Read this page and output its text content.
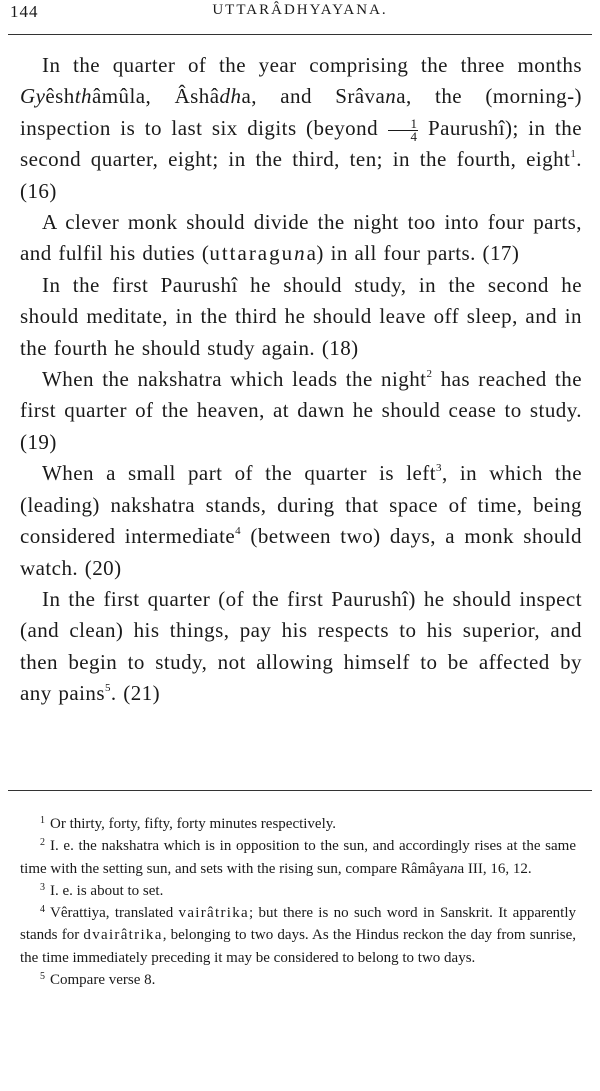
144	UTTARÂDHYAYANA.

In the quarter of the year comprising the three months Gyêshthâmûla, Âshâdha, and Srâvana, the (morning-) inspection is to last six digits (beyond $\frac{1}{4}$ Paurushî); in the second quarter, eight; in the third, ten; in the fourth, eight$^1$. (16)

A clever monk should divide the night too into four parts, and fulfil his duties (uttaraguna) in all four parts. (17)

In the first Paurushî he should study, in the second he should meditate, in the third he should leave off sleep, and in the fourth he should study again. (18)

When the nakshatra which leads the night$^2$ has reached the first quarter of the heaven, at dawn he should cease to study. (19)

When a small part of the quarter is left$^3$, in which the (leading) nakshatra stands, during that space of time, being considered intermediate$^4$ (between two) days, a monk should watch. (20)

In the first quarter (of the first Paurushî) he should inspect (and clean) his things, pay his respects to his superior, and then begin to study, not allowing himself to be affected by any pains$^5$. (21)

$^1$ Or thirty, forty, fifty, forty minutes respectively.

$^2$ I. e. the nakshatra which is in opposition to the sun, and accordingly rises at the same time with the setting sun, and sets with the rising sun, compare Râmâyana III, 16, 12.

$^3$ I. e. is about to set.

$^4$ Vêrattiya, translated vairâtrika; but there is no such word in Sanskrit. It apparently stands for dvairâtrika, belonging to two days. As the Hindus reckon the day from sunrise, the time immediately preceding it may be considered to belong to two days.

$^5$ Compare verse 8.
